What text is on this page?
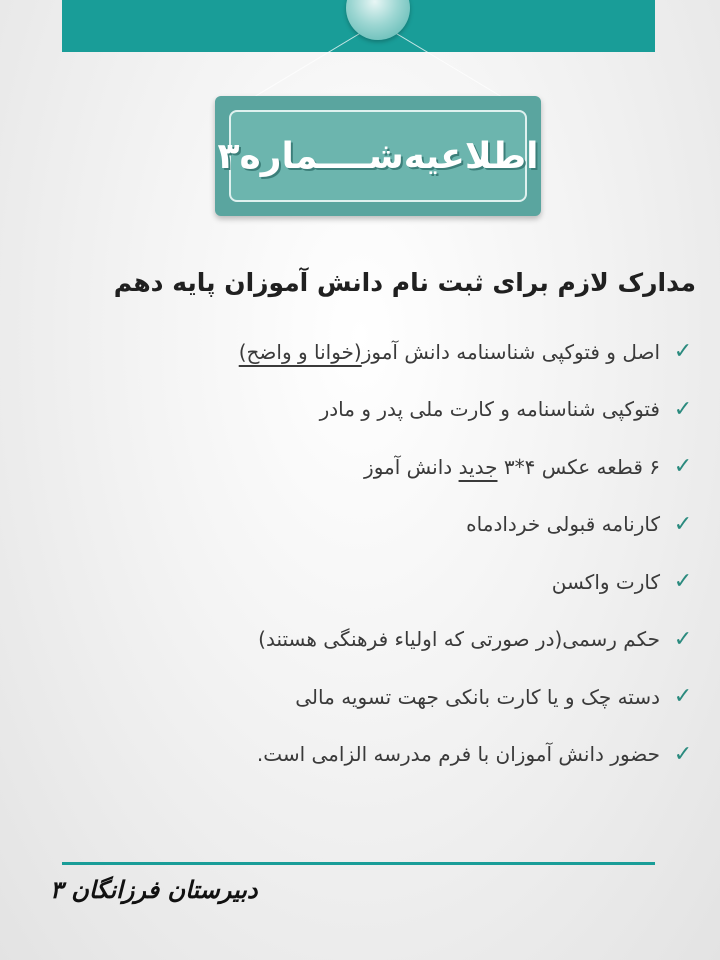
اطلاعیه‌شــــماره۳
مدارک لازم برای ثبت نام دانش آموزان پایه دهم
✓
اصل و فتوکپی شناسنامه دانش آموز(خوانا و واضح)
✓
فتوکپی شناسنامه و کارت ملی پدر و مادر
✓
۶ قطعه عکس ۴*۳ جدید دانش آموز
✓
کارنامه قبولی خردادماه
✓
کارت واکسن
✓
حکم رسمی(در صورتی که اولیاء فرهنگی هستند)
✓
دسته چک و یا کارت بانکی جهت تسویه مالی
✓
حضور دانش آموزان با فرم مدرسه الزامی است.
دبیرستان فرزانگان ۳
